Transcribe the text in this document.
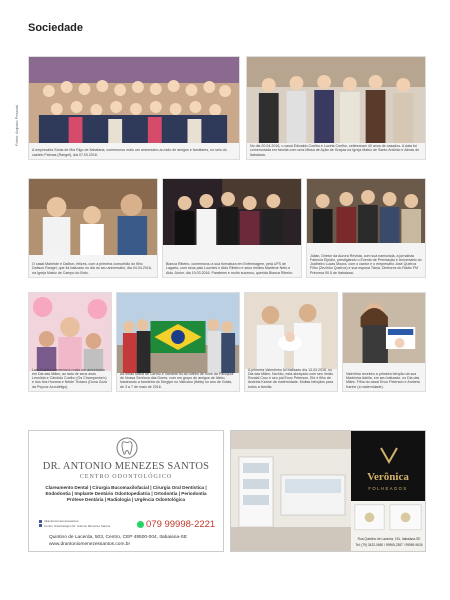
Sociedade
Fotos: Arquivo Pessoal
A empresária Sônia de Moi Rigo de Itabaiana, comemorou mais um aniversário ao lado de amigos e familiares, no seio do castelo Palmas (Rangel), dia 07.03.2016.
No dia 20.04.2016, o casal Edivaldo Coelho e Lucéia Coelho, celebraram 40 anos de casados. A data foi comemorada em família com uma Missa de Ação de Graças na Igreja Matriz de Santo Antônio e Almas de Itabaiana.
O casal Marleide e Daílton, felizes, com a primeira comunhão do filho Daílson Rangel, que foi batizado no dia do seu aniversário, dia 04.04.2016, na Igreja Matriz de Campo do Brito.
Bianca Ribeiro, comemorou a sua formatura em Enfermagem, pela UFS de Lagarto, com seus pais Lourdes e Aldo Ribeiro e seus irmãos Marilene Neto e Aldo Júnior, dia 19.03.2016. Parabéns e muito sucesso, querida Bianca Ribeiro.
Júlian, Diretor da Aurora Revista, com sua namorada, a jornalista Fabrícia Elpídio, prestigiando o Evento de Premiação e Aniversário do Joalheiro Lucas Moura, com o cantor e o empresário José Queiroz Filho (Zezinho Queiroz) e sua esposa Tânia, Diretores do Rádio FM Princesa 90.5 de Itabaiana.
Lara Coelho comemorou mais um aniversário em Dia das Mães, ao lado de seus avós Leonilda e Cândido Coelho (Os Champanhe'o) e dos tios Hozana e Neide Troiano (Dona Zuza da Psycoz Acouteligo).
As irmãs Maria de Carmo e Vandete foi ao roteiro de fome da Paróquia de Nossa Senhora das Dores, com um grupo de amigos de Itábio, hasteando a bandeira do Sergipe no Vaticano (Itália) no ano de Goiás, de 3 a 7 de maio de 2016.
A primeira Valentinho foi batizado dia 13.03.2016, no Dia das Mães. Na foto, está abraçado com seu irmão Ronald Cruz e seu pai Enoc Peterson. Ele é filho de Andreia Karine da maternidade. Muitas bênçãos para todos a família.
Valentina recebeu a primeira bênção da sua Madrinha Adélia, em seu batizado, no Dia das Mães. Filha do casal Enoc Peterson e Andreia Karine (a maternidade).
DR. ANTONIO MENEZES SANTOS
CENTRO ODONTOLÓGICO
Clareamento Dental | Cirurgia Bucomaxilofacial | Cirurgia Oral Dentística | Endodontia | Implante Dentário Odontopediatria | Ortodontia | Periodontia Prótese Dentária | Radiologia | Urgência Odontológica
/drantoniomenezessantos
Centro Odontológico Dr. Antonio Menezes Santos	079 99998-2221
Quintino de Lacerda, 503, Centro, CEP 49500-004, Itabaiana-SE
www.drantoniomenezessantos.com.br
Verônica
FOLHEADOS
Rua Quintino de Lacerda, 151, Itabaiana-SE
Tel: (79) 3432-0650 / 99969-2387 / 99969-9626
